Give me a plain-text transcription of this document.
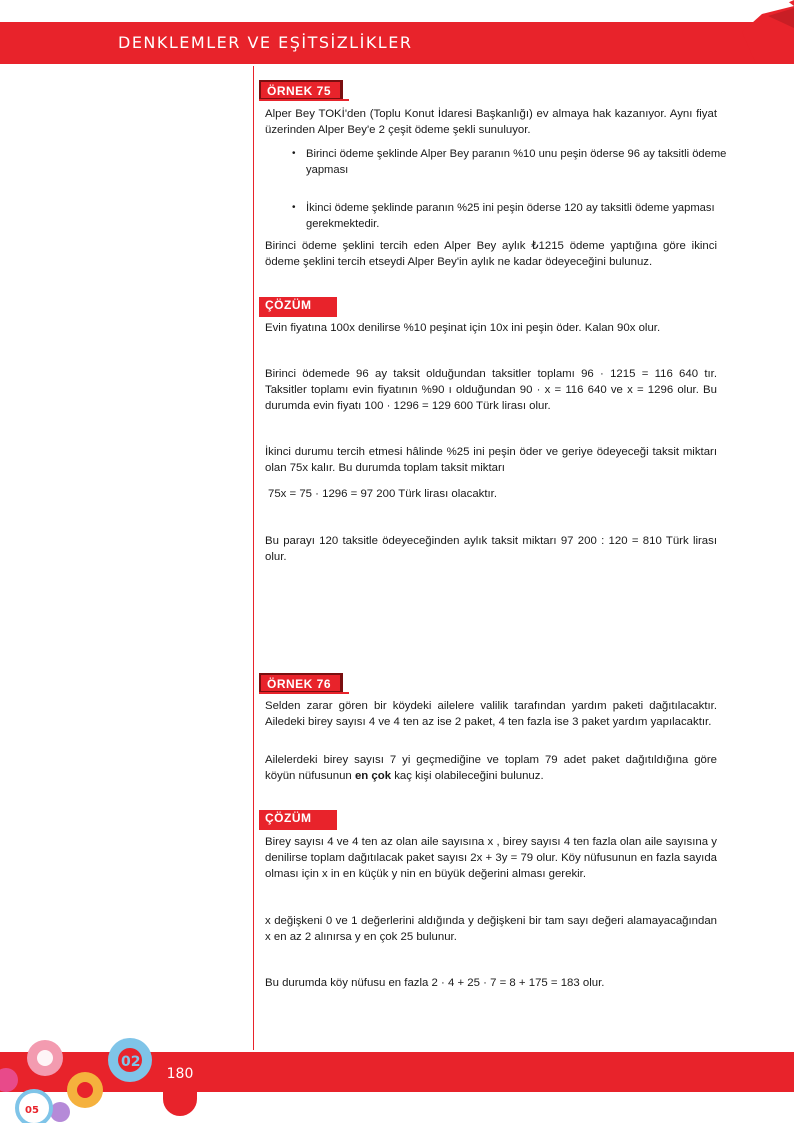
DENKLEMLER VE EŞİTSİZLİKLER
ÖRNEK 75

Alper Bey TOKİ'den (Toplu Konut İdaresi Başkanlığı) ev almaya hak kazanıyor. Aynı fiyat üzerinden Alper Bey'e 2 çeşit ödeme şekli sunuluyor.

• Birinci ödeme şeklinde Alper Bey paranın %10 unu peşin öderse 96 ay taksitli ödeme yapması
• İkinci ödeme şeklinde paranın %25 ini peşin öderse 120 ay taksitli ödeme yapması gerekmektedir.

Birinci ödeme şeklini tercih eden Alper Bey aylık ₺1215 ödeme yaptığına göre ikinci ödeme şeklini tercih etseydi Alper Bey'in aylık ne kadar ödeyeceğini bulunuz.

ÇÖZÜM

Evin fiyatına 100x denilirse %10 peşinat için 10x ini peşin öder. Kalan 90x olur.

Birinci ödemede 96 ay taksit olduğundan taksitler toplamı 96 · 1215 = 116 640 tır. Taksitler toplamı evin fiyatının %90 ı olduğundan 90 · x = 116 640 ve x = 1296 olur. Bu durumda evin fiyatı 100 · 1296 = 129 600 Türk lirası olur.

İkinci durumu tercih etmesi hâlinde %25 ini peşin öder ve geriye ödeyeceği taksit miktarı olan 75x kalır. Bu durumda toplam taksit miktarı

75x = 75 · 1296 = 97 200 Türk lirası olacaktır.

Bu parayı 120 taksitle ödeyeceğinden aylık taksit miktarı 97 200 : 120 = 810 Türk lirası olur.

ÖRNEK 76

Selden zarar gören bir köydeki ailelere valilik tarafından yardım paketi dağıtılacaktır. Ailedeki birey sayısı 4 ve 4 ten az ise 2 paket, 4 ten fazla ise 3 paket yardım yapılacaktır.

Ailelerdeki birey sayısı 7 yi geçmediğine ve toplam 79 adet paket dağıtıldığına göre köyün nüfusunun en çok kaç kişi olabileceğini bulunuz.

ÇÖZÜM

Birey sayısı 4 ve 4 ten az olan aile sayısına x , birey sayısı 4 ten fazla olan aile sayısına y denilirse toplam dağıtılacak paket sayısı 2x + 3y = 79 olur. Köy nüfusunun en fazla sayıda olması için x in en küçük y nin en büyük değerini alması gerekir.

x değişkeni 0 ve 1 değerlerini aldığında y değişkeni bir tam sayı değeri alamayacağından x en az 2 alınırsa y en çok 25 bulunur.

Bu durumda köy nüfusu en fazla 2 · 4 + 25 · 7 = 8 + 175 = 183 olur.

02
05
180
